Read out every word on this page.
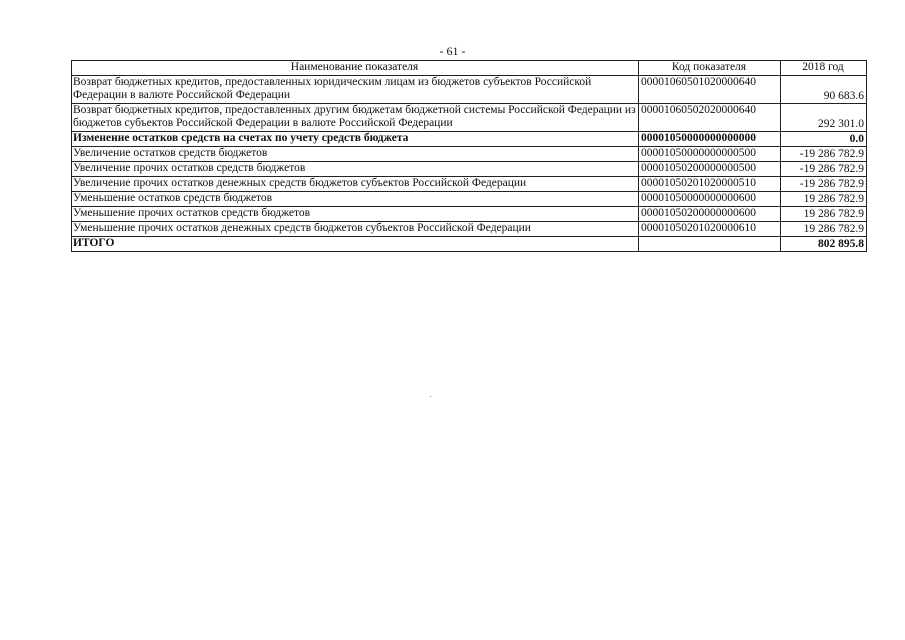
- 61 -
Наименование показателя	Код показателя	2018 год
Возврат бюджетных кредитов, предоставленных юридическим лицам из бюджетов субъектов Российской Федерации в валюте Российской Федерации	00001060501020000640	90 683.6
Возврат бюджетных кредитов, предоставленных другим бюджетам бюджетной системы Российской Федерации из бюджетов субъектов Российской Федерации в валюте Российской Федерации	00001060502020000640	292 301.0
Изменение остатков средств на счетах по учету средств бюджета	00001050000000000000	0.0
Увеличение остатков средств бюджетов	00001050000000000500	-19 286 782.9
Увеличение прочих остатков средств бюджетов	00001050200000000500	-19 286 782.9
Увеличение прочих остатков денежных средств бюджетов субъектов Российской Федерации	00001050201020000510	-19 286 782.9
Уменьшение остатков средств бюджетов	00001050000000000600	19 286 782.9
Уменьшение прочих остатков средств бюджетов	00001050200000000600	19 286 782.9
Уменьшение прочих остатков денежных средств бюджетов субъектов Российской Федерации	00001050201020000610	19 286 782.9
ИТОГО		802 895.8
